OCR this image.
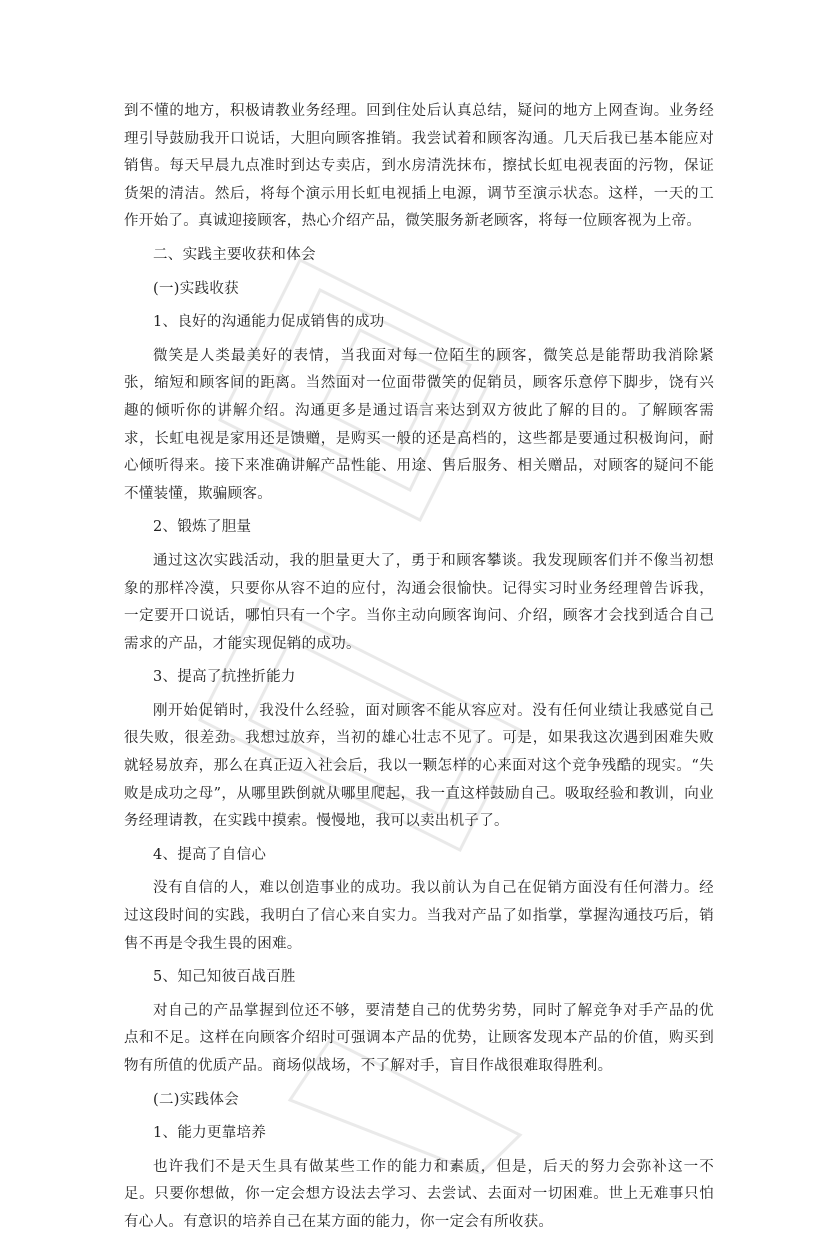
到不懂的地方，积极请教业务经理。回到住处后认真总结，疑问的地方上网查询。业务经理引导鼓励我开口说话，大胆向顾客推销。我尝试着和顾客沟通。几天后我已基本能应对销售。每天早晨九点准时到达专卖店，到水房清洗抹布，擦拭长虹电视表面的污物，保证货架的清洁。然后，将每个演示用长虹电视插上电源，调节至演示状态。这样，一天的工作开始了。真诚迎接顾客，热心介绍产品，微笑服务新老顾客，将每一位顾客视为上帝。

二、实践主要收获和体会
(一)实践收获
1、良好的沟通能力促成销售的成功

微笑是人类最美好的表情，当我面对每一位陌生的顾客，微笑总是能帮助我消除紧张，缩短和顾客间的距离。当然面对一位面带微笑的促销员，顾客乐意停下脚步，饶有兴趣的倾听你的讲解介绍。沟通更多是通过语言来达到双方彼此了解的目的。了解顾客需求，长虹电视是家用还是馈赠，是购买一般的还是高档的，这些都是要通过积极询问，耐心倾听得来。接下来准确讲解产品性能、用途、售后服务、相关赠品，对顾客的疑问不能不懂装懂，欺骗顾客。

2、锻炼了胆量

通过这次实践活动，我的胆量更大了，勇于和顾客攀谈。我发现顾客们并不像当初想象的那样冷漠，只要你从容不迫的应付，沟通会很愉快。记得实习时业务经理曾告诉我，一定要开口说话，哪怕只有一个字。当你主动向顾客询问、介绍，顾客才会找到适合自己需求的产品，才能实现促销的成功。

3、提高了抗挫折能力

刚开始促销时，我没什么经验，面对顾客不能从容应对。没有任何业绩让我感觉自己很失败，很差劲。我想过放弃，当初的雄心壮志不见了。可是，如果我这次遇到困难失败就轻易放弃，那么在真正迈入社会后，我以一颗怎样的心来面对这个竞争残酷的现实。“失败是成功之母”，从哪里跌倒就从哪里爬起，我一直这样鼓励自己。吸取经验和教训，向业务经理请教，在实践中摸索。慢慢地，我可以卖出机子了。

4、提高了自信心

没有自信的人，难以创造事业的成功。我以前认为自己在促销方面没有任何潜力。经过这段时间的实践，我明白了信心来自实力。当我对产品了如指掌，掌握沟通技巧后，销售不再是令我生畏的困难。

5、知己知彼百战百胜

对自己的产品掌握到位还不够，要清楚自己的优势劣势，同时了解竞争对手产品的优点和不足。这样在向顾客介绍时可强调本产品的优势，让顾客发现本产品的价值，购买到物有所值的优质产品。商场似战场，不了解对手，盲目作战很难取得胜利。

(二)实践体会
1、能力更靠培养

也许我们不是天生具有做某些工作的能力和素质，但是，后天的努力会弥补这一不足。只要你想做，你一定会想方设法去学习、去尝试、去面对一切困难。世上无难事只怕有心人。有意识的培养自己在某方面的能力，你一定会有所收获。
